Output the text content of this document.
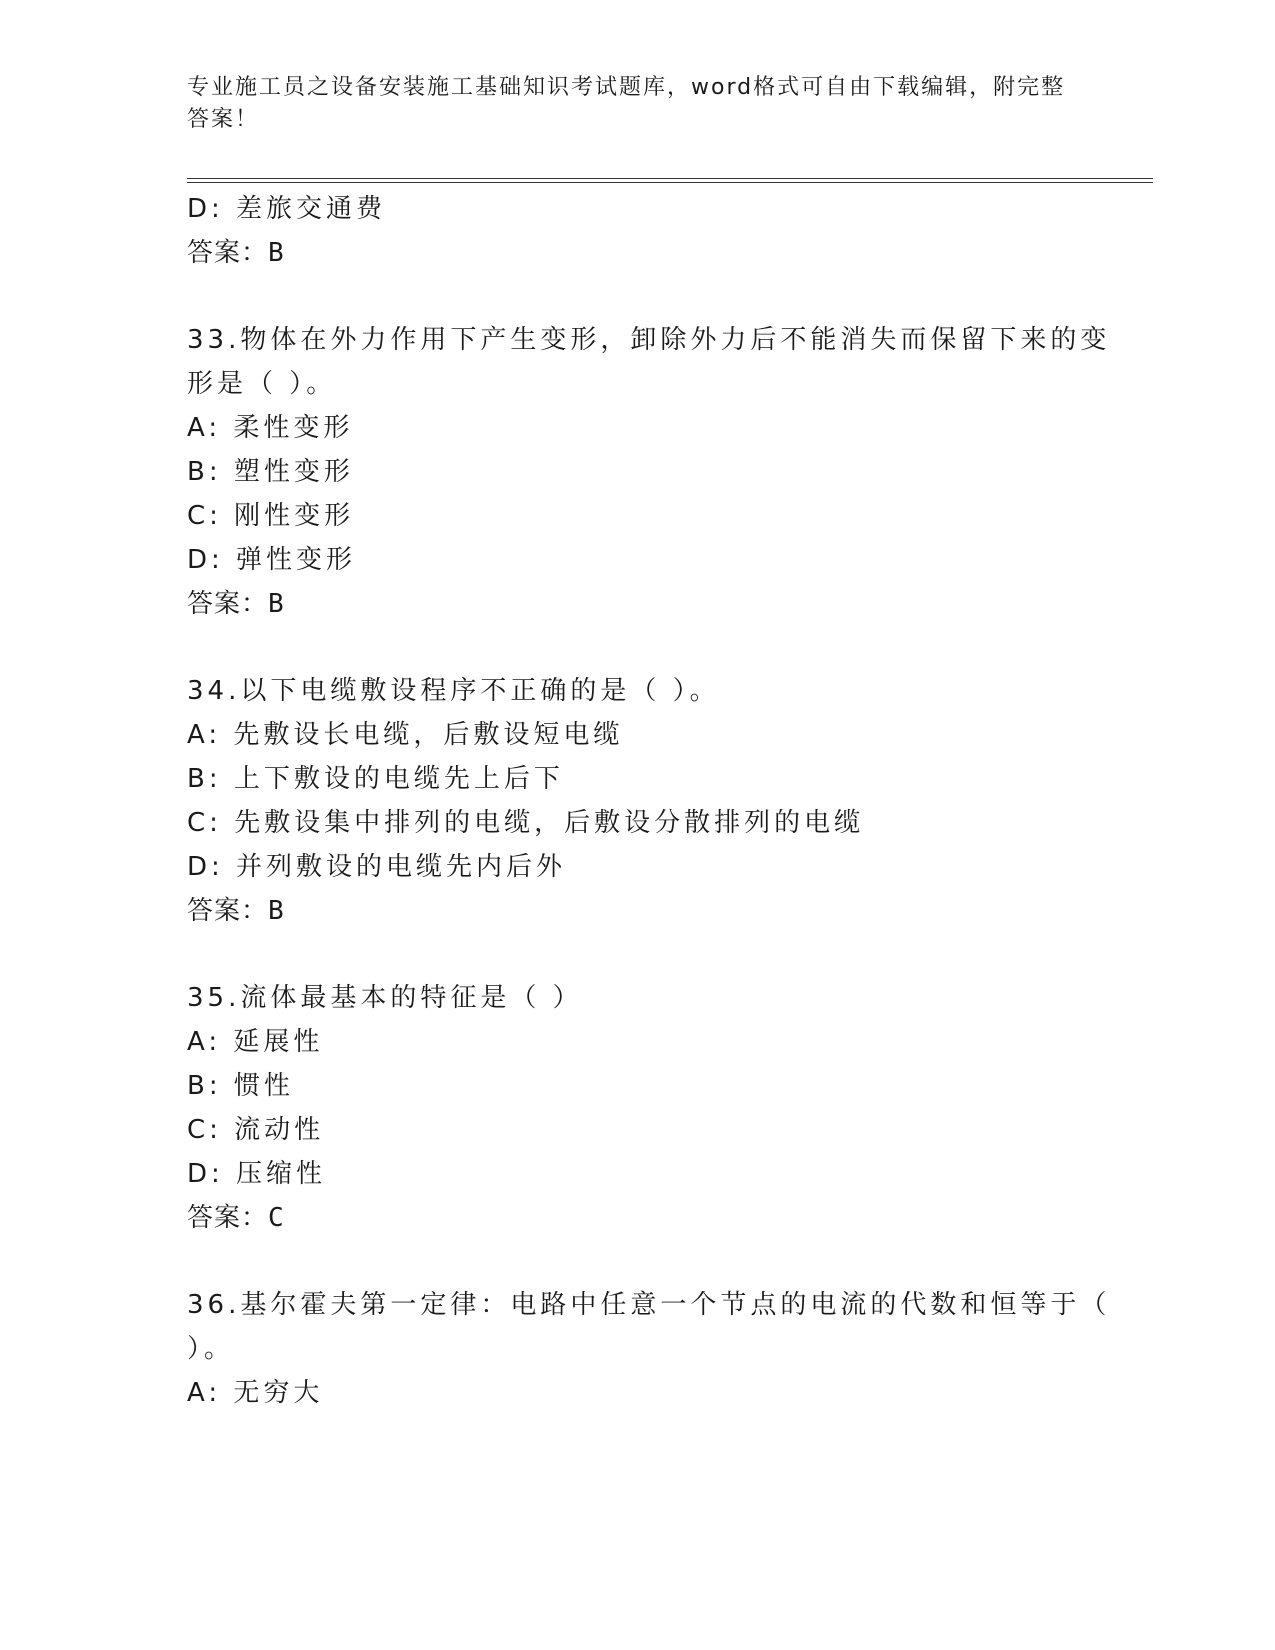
专业施工员之设备安装施工基础知识考试题库，word格式可自由下载编辑，附完整答案！
D: 差旅交通费
答案：B
33.物体在外力作用下产生变形，卸除外力后不能消失而保留下来的变
形是（ ）。
A: 柔性变形
B: 塑性变形
C: 刚性变形
D: 弹性变形
答案：B
34.以下电缆敷设程序不正确的是（ ）。
A: 先敷设长电缆，后敷设短电缆
B: 上下敷设的电缆先上后下
C: 先敷设集中排列的电缆，后敷设分散排列的电缆
D: 并列敷设的电缆先内后外
答案：B
35.流体最基本的特征是（ ）
A: 延展性
B: 惯性
C: 流动性
D: 压缩性
答案：C
36.基尔霍夫第一定律：电路中任意一个节点的电流的代数和恒等于（
）。
A: 无穷大
